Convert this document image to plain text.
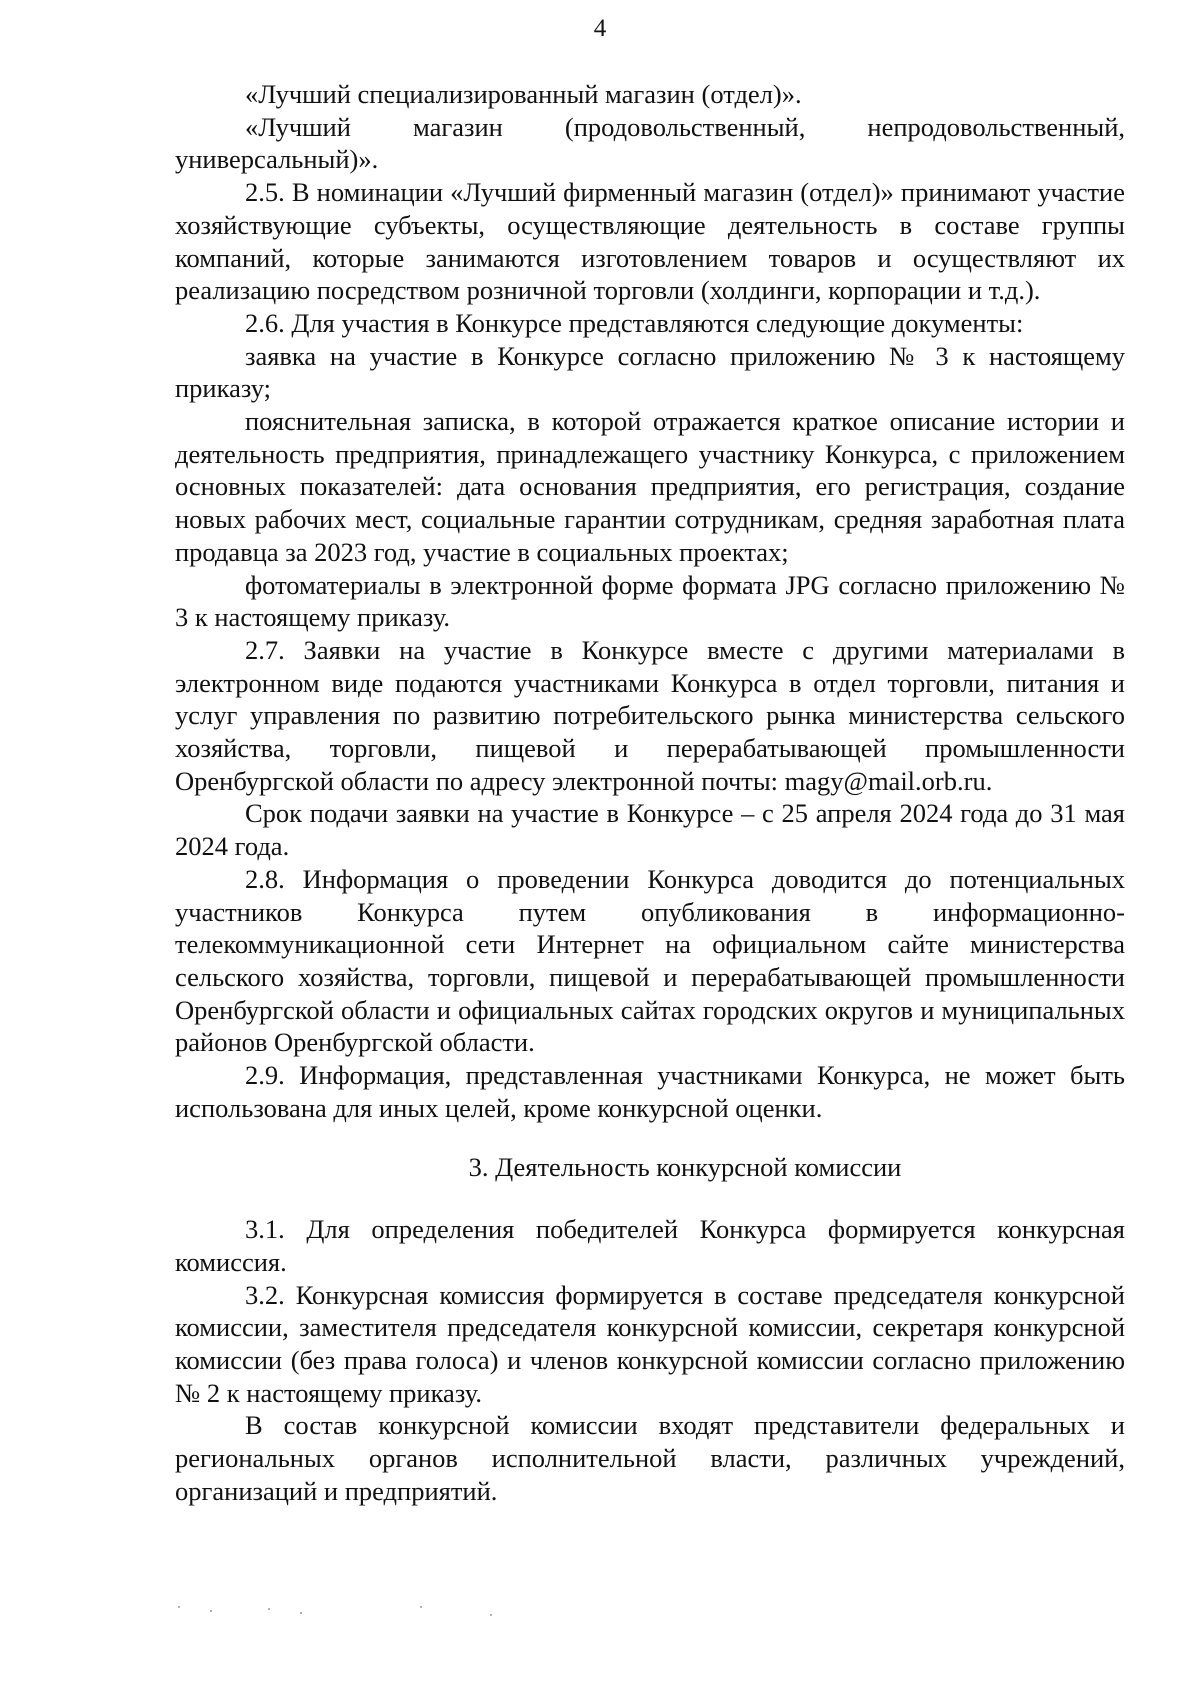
4

«Лучший специализированный магазин (отдел)».

«Лучший магазин (продовольственный, непродовольственный, универсальный)».

2.5. В номинации «Лучший фирменный магазин (отдел)» принимают участие хозяйствующие субъекты, осуществляющие деятельность в составе группы компаний, которые занимаются изготовлением товаров и осуществляют их реализацию посредством розничной торговли (холдинги, корпорации и т.д.).

2.6. Для участия в Конкурсе представляются следующие документы:

заявка на участие в Конкурсе согласно приложению № 3 к настоящему приказу;

пояснительная записка, в которой отражается краткое описание истории и деятельность предприятия, принадлежащего участнику Конкурса, с приложением основных показателей: дата основания предприятия, его регистрация, создание новых рабочих мест, социальные гарантии сотрудникам, средняя заработная плата продавца за 2023 год, участие в социальных проектах;

фотоматериалы в электронной форме формата JPG согласно приложению № 3 к настоящему приказу.

2.7. Заявки на участие в Конкурсе вместе с другими материалами в электронном виде подаются участниками Конкурса в отдел торговли, питания и услуг управления по развитию потребительского рынка министерства сельского хозяйства, торговли, пищевой и перерабатывающей промышленности Оренбургской области по адресу электронной почты: magy@mail.orb.ru.

Срок подачи заявки на участие в Конкурсе – с 25 апреля 2024 года до 31 мая 2024 года.

2.8. Информация о проведении Конкурса доводится до потенциальных участников Конкурса путем опубликования в информационно-телекоммуникационной сети Интернет на официальном сайте министерства сельского хозяйства, торговли, пищевой и перерабатывающей промышленности Оренбургской области и официальных сайтах городских округов и муниципальных районов Оренбургской области.

2.9. Информация, представленная участниками Конкурса, не может быть использована для иных целей, кроме конкурсной оценки.

3. Деятельность конкурсной комиссии

3.1. Для определения победителей Конкурса формируется конкурсная комиссия.

3.2. Конкурсная комиссия формируется в составе председателя конкурсной комиссии, заместителя председателя конкурсной комиссии, секретаря конкурсной комиссии (без права голоса) и членов конкурсной комиссии согласно приложению № 2 к настоящему приказу.

В состав конкурсной комиссии входят представители федеральных и региональных органов исполнительной власти, различных учреждений, организаций и предприятий.
